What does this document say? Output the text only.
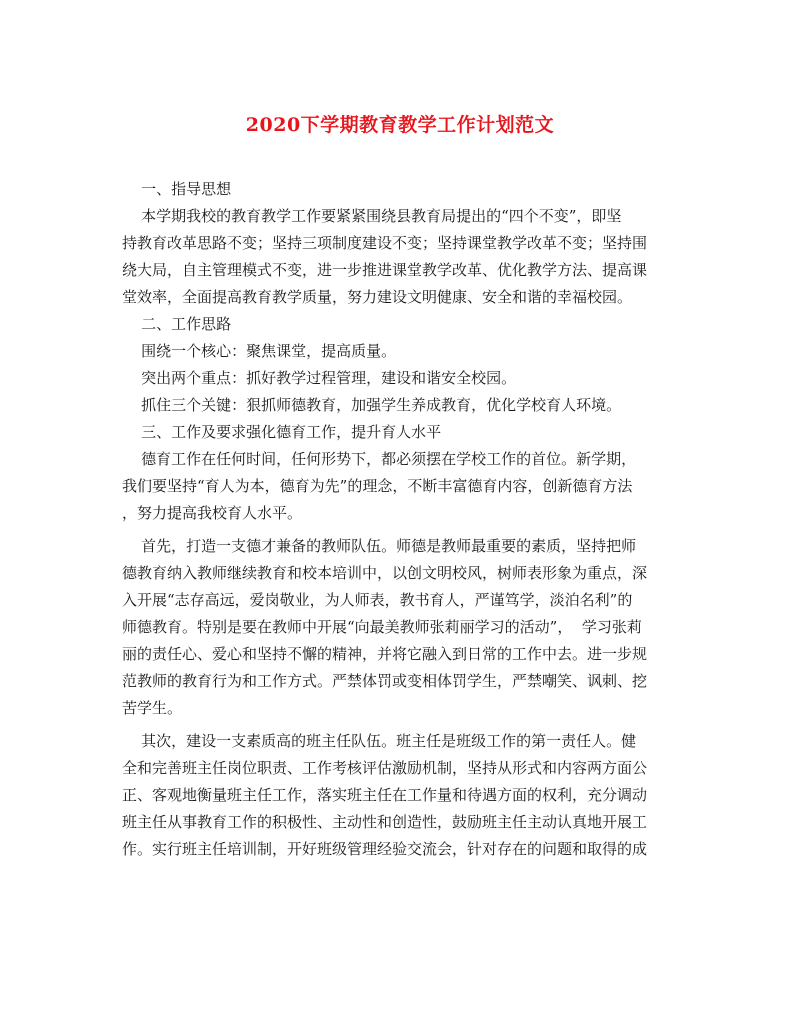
2020下学期教育教学工作计划范文
一、指导思想
本学期我校的教育教学工作要紧紧围绕县教育局提出的“四个不变”，即坚
持教育改革思路不变；坚持三项制度建设不变；坚持课堂教学改革不变；坚持围
绕大局，自主管理模式不变，进一步推进课堂教学改革、优化教学方法、提高课
堂效率，全面提高教育教学质量，努力建设文明健康、安全和谐的幸福校园。
二、工作思路
围绕一个核心：聚焦课堂，提高质量。
突出两个重点：抓好教学过程管理，建设和谐安全校园。
抓住三个关键：狠抓师德教育，加强学生养成教育，优化学校育人环境。
三、工作及要求强化德育工作，提升育人水平
德育工作在任何时间，任何形势下，都必须摆在学校工作的首位。新学期，
我们要坚持“育人为本，德育为先”的理念，不断丰富德育内容，创新德育方法
，努力提高我校育人水平。
首先，打造一支德才兼备的教师队伍。师德是教师最重要的素质，坚持把师
德教育纳入教师继续教育和校本培训中，以创文明校风，树师表形象为重点，深
入开展“志存高远，爱岗敬业，为人师表，教书育人，严谨笃学，淡泊名利”的
师德教育。特别是要在教师中开展“向最美教师张莉丽学习的活动”，  学习张莉
丽的责任心、爱心和坚持不懈的精神，并将它融入到日常的工作中去。进一步规
范教师的教育行为和工作方式。严禁体罚或变相体罚学生，严禁嘲笑、讽刺、挖
苦学生。
其次，建设一支素质高的班主任队伍。班主任是班级工作的第一责任人。健
全和完善班主任岗位职责、工作考核评估激励机制，坚持从形式和内容两方面公
正、客观地衡量班主任工作，落实班主任在工作量和待遇方面的权利，充分调动
班主任从事教育工作的积极性、主动性和创造性，鼓励班主任主动认真地开展工
作。实行班主任培训制，开好班级管理经验交流会，针对存在的问题和取得的成
